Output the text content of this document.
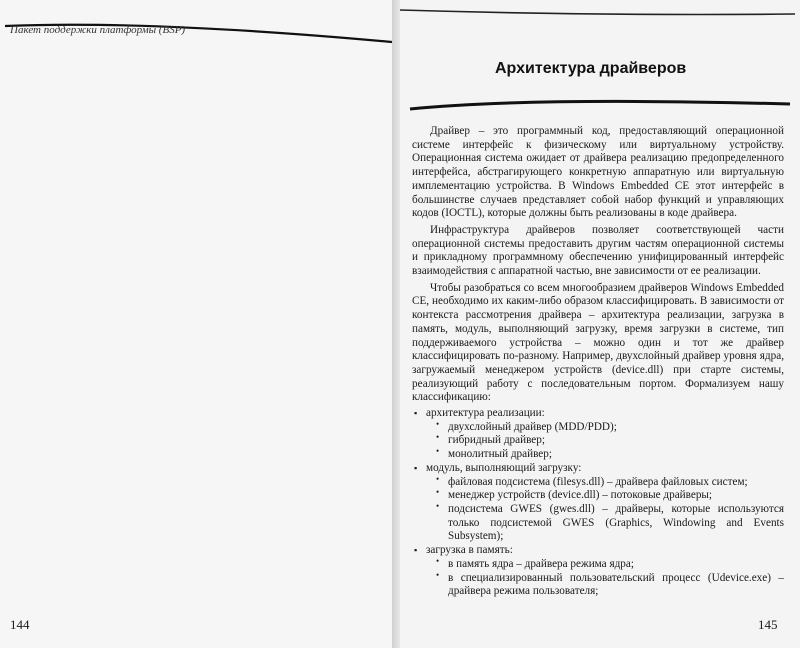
Пакет поддержки платформы (BSP)
144
Архитектура драйверов

Драйвер – это программный код, предоставляющий операционной системе интерфейс к физическому или виртуальному устройству. Операционная система ожидает от драйвера реализацию предопределенного интерфейса, абстрагирующего конкретную аппаратную или виртуальную имплементацию устройства. В Windows Embedded CE этот интерфейс в большинстве случаев представляет собой набор функций и управляющих кодов (IOCTL), которые должны быть реализованы в коде драйвера.

Инфраструктура драйверов позволяет соответствующей части операционной системы предоставить другим частям операционной системы и прикладному программному обеспечению унифицированный интерфейс взаимодействия с аппаратной частью, вне зависимости от ее реализации.

Чтобы разобраться со всем многообразием драйверов Windows Embedded CE, необходимо их каким-либо образом классифицировать. В зависимости от контекста рассмотрения драйвера – архитектура реализации, загрузка в память, модуль, выполняющий загрузку, время загрузки в системе, тип поддерживаемого устройства – можно один и тот же драйвер классифицировать по-разному. Например, двухслойный драйвер уровня ядра, загружаемый менеджером устройств (device.dll) при старте системы, реализующий работу с последовательным портом. Формализуем нашу классификацию:

▪ архитектура реализации:
• двухслойный драйвер (MDD/PDD);
• гибридный драйвер;
• монолитный драйвер;
▪ модуль, выполняющий загрузку:
• файловая подсистема (filesys.dll) – драйвера файловых систем;
• менеджер устройств (device.dll) – потоковые драйверы;
• подсистема GWES (gwes.dll) – драйверы, которые используются только подсистемой GWES (Graphics, Windowing and Events Subsystem);
▪ загрузка в память:
• в память ядра – драйвера режима ядра;
• в специализированный пользовательский процесс (Udevice.exe) – драйвера режима пользователя;
145
